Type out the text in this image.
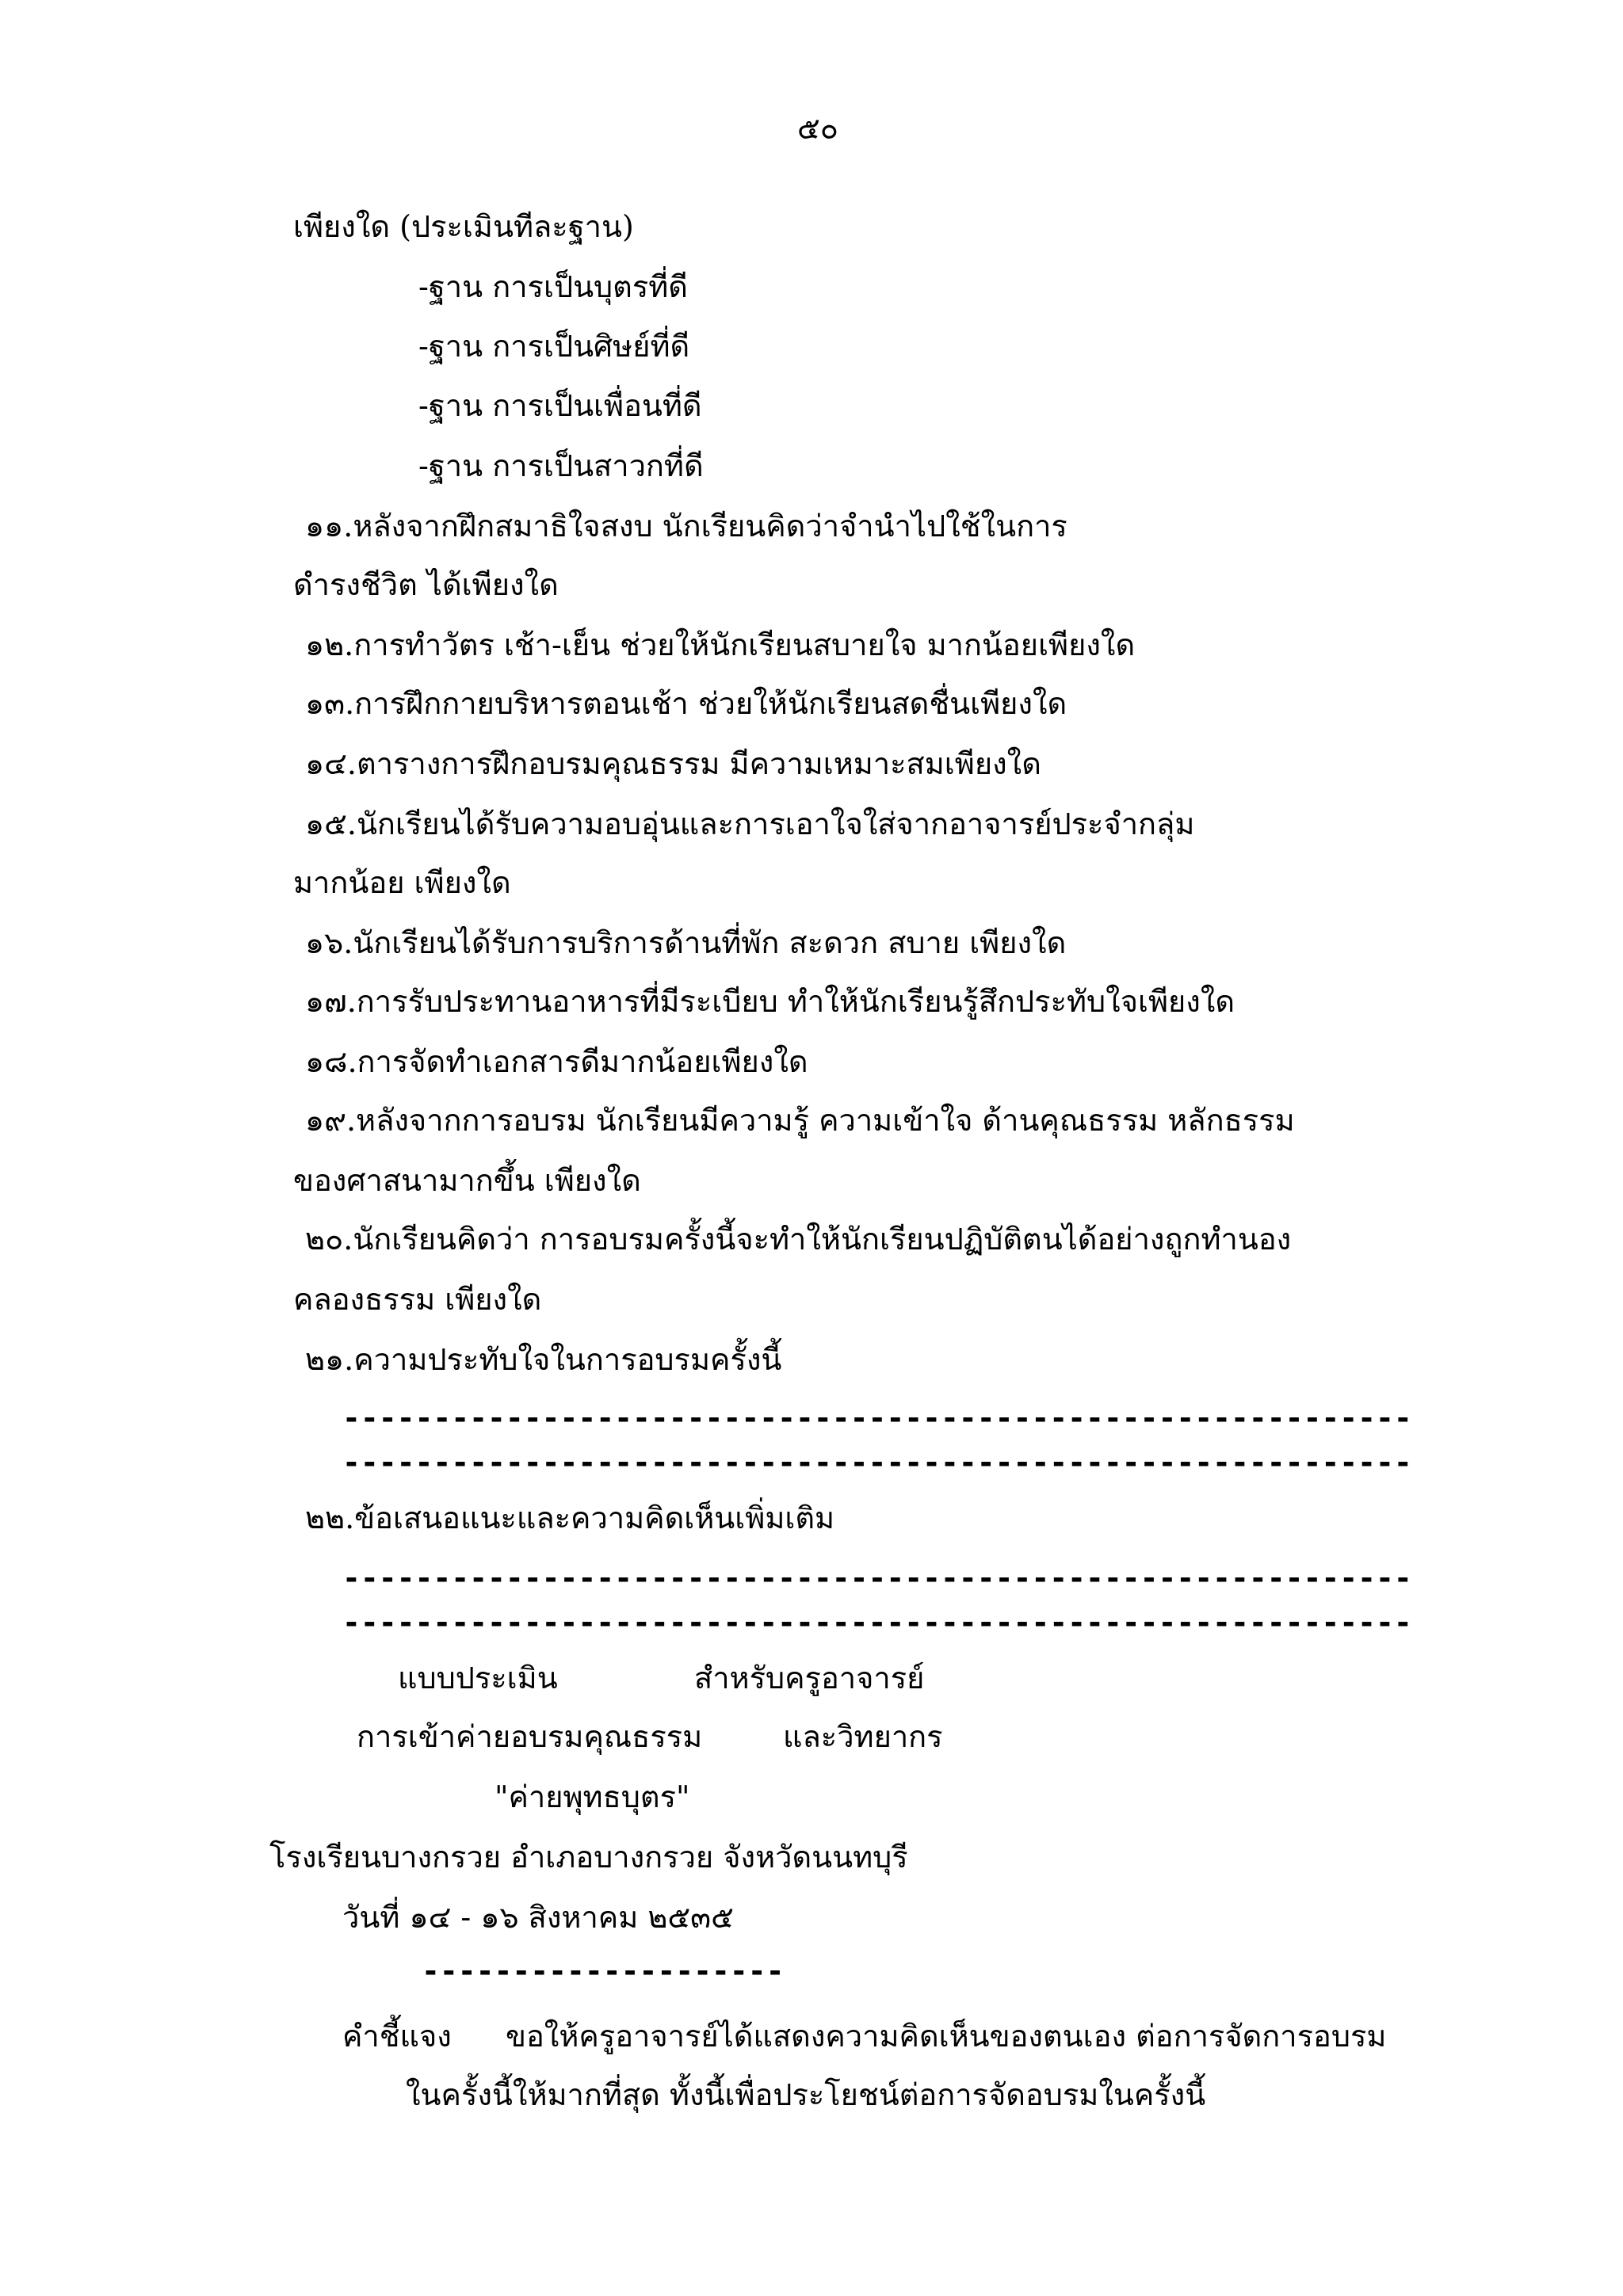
๕๐
เพียงใด (ประเมินทีละฐาน)
-ฐาน การเป็นบุตรที่ดี
-ฐาน การเป็นศิษย์ที่ดี
-ฐาน การเป็นเพื่อนที่ดี
-ฐาน การเป็นสาวกที่ดี
๑๑.หลังจากฝึกสมาธิใจสงบ นักเรียนคิดว่าจำนำไปใช้ในการ
ดำรงชีวิต ได้เพียงใด
๑๒.การทำวัตร เช้า-เย็น ช่วยให้นักเรียนสบายใจ มากน้อยเพียงใด
๑๓.การฝึกกายบริหารตอนเช้า ช่วยให้นักเรียนสดชื่นเพียงใด
๑๔.ตารางการฝึกอบรมคุณธรรม มีความเหมาะสมเพียงใด
๑๕.นักเรียนได้รับความอบอุ่นและการเอาใจใส่จากอาจารย์ประจำกลุ่ม
มากน้อย เพียงใด
๑๖.นักเรียนได้รับการบริการด้านที่พัก สะดวก สบาย เพียงใด
๑๗.การรับประทานอาหารที่มีระเบียบ ทำให้นักเรียนรู้สึกประทับใจเพียงใด
๑๘.การจัดทำเอกสารดีมากน้อยเพียงใด
๑๙.หลังจากการอบรม นักเรียนมีความรู้ ความเข้าใจ ด้านคุณธรรม หลักธรรม
ของศาสนามากขึ้น เพียงใด
๒๐.นักเรียนคิดว่า การอบรมครั้งนี้จะทำให้นักเรียนปฏิบัติตนได้อย่างถูกทำนอง
คลองธรรม เพียงใด
๒๑.ความประทับใจในการอบรมครั้งนี้
-----------------------------------------------------------
-----------------------------------------------------------
๒๒.ข้อเสนอแนะและความคิดเห็นเพิ่มเติม
-----------------------------------------------------------
-----------------------------------------------------------
แบบประเมิน	สำหรับครูอาจารย์
การเข้าค่ายอบรมคุณธรรม	และวิทยากร
"ค่ายพุทธบุตร"
โรงเรียนบางกรวย อำเภอบางกรวย จังหวัดนนทบุรี
วันที่ ๑๔ - ๑๖ สิงหาคม ๒๕๓๕
--------------------
คำชี้แจง ขอให้ครูอาจารย์ได้แสดงความคิดเห็นของตนเอง ต่อการจัดการอบรม
ในครั้งนี้ให้มากที่สุด ทั้งนี้เพื่อประโยชน์ต่อการจัดอบรมในครั้งนี้
